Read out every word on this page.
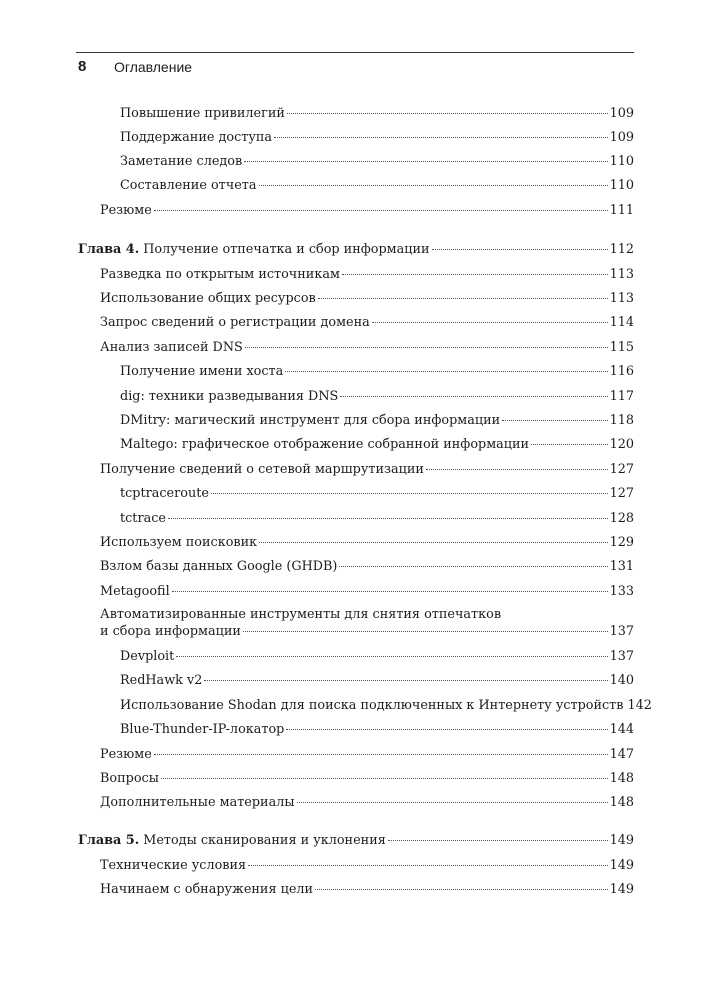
8 Оглавление
Повышение привилегий	109
Поддержание доступа	109
Заметание следов	110
Составление отчета	110
Резюме	111
Глава 4. Получение отпечатка и сбор информации	112
Разведка по открытым источникам	113
Использование общих ресурсов	113
Запрос сведений о регистрации домена	114
Анализ записей DNS	115
Получение имени хоста	116
dig: техники разведывания DNS	117
DMitry: магический инструмент для сбора информации	118
Maltego: графическое отображение собранной информации	120
Получение сведений о сетевой маршрутизации	127
tcptraceroute	127
tctrace	128
Используем поисковик	129
Взлом базы данных Google (GHDB)	131
Metagoofil	133
Автоматизированные инструменты для снятия отпечатков
и сбора информации	137
Devploit	137
RedHawk v2	140
Использование Shodan для поиска подключенных к Интернету устройств 142
Blue-Thunder-IP-локатор	144
Резюме	147
Вопросы	148
Дополнительные материалы	148
Глава 5. Методы сканирования и уклонения	149
Технические условия	149
Начинаем с обнаружения цели	149
